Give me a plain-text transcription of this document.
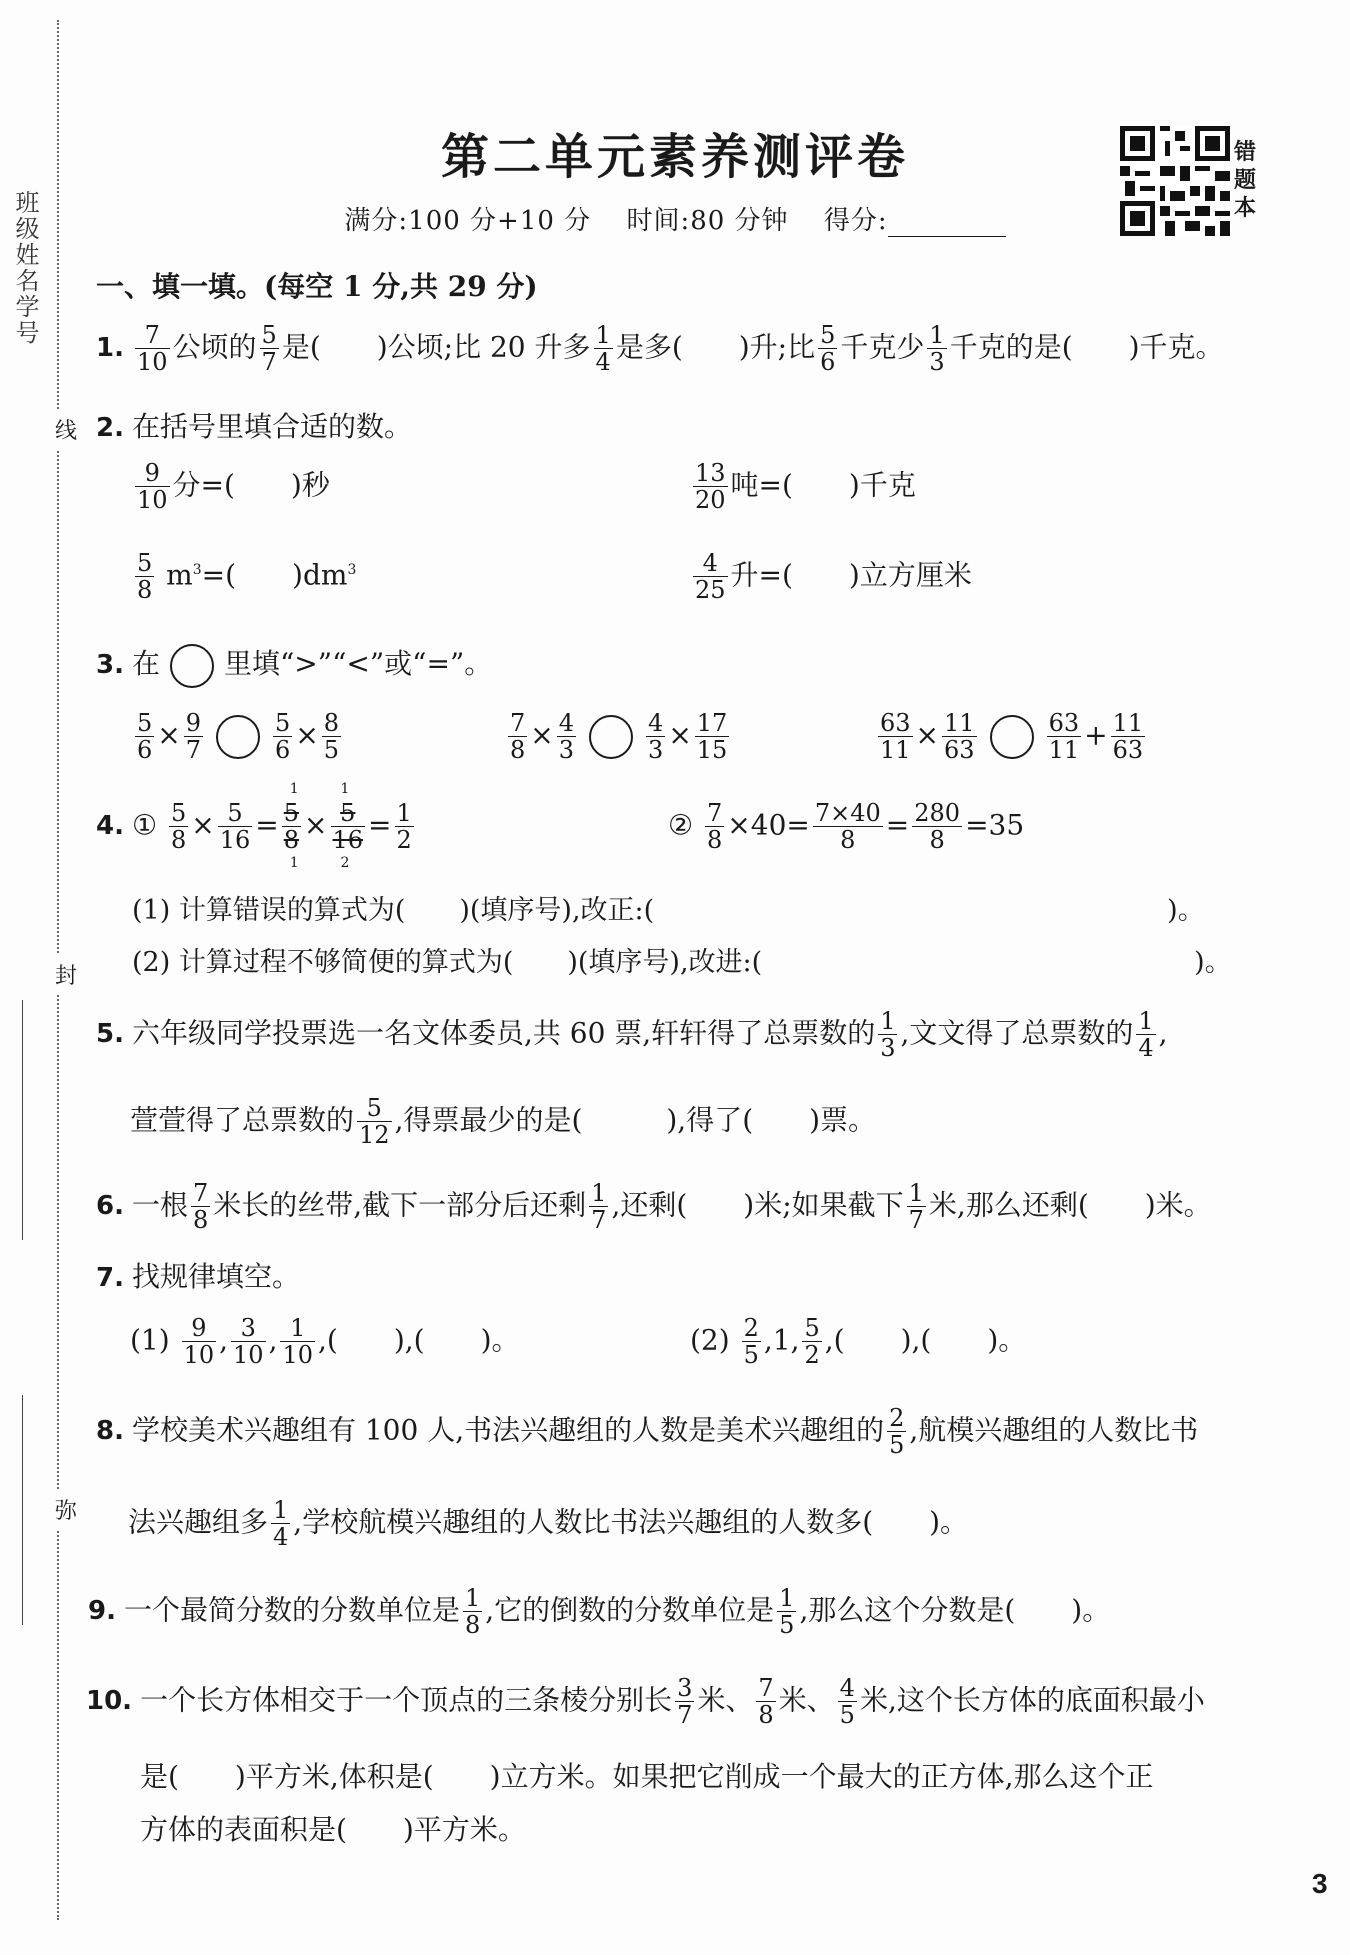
线
封
弥
班级姓名学号
第二单元素养测评卷
满分:100 分+10 分 时间:80 分钟 得分:
错
题
本
一、填一填。(每空 1 分,共 29 分)
1. $\frac{7}{10}$ 公顷的 $\frac{5}{7}$ 是(　　)公顷;比 20 升多 $\frac{1}{4}$ 是多(　　)升;比 $\frac{5}{6}$ 千克少 $\frac{1}{3}$ 千克的是(　　)千克。
2. 在括号里填合适的数。
$\frac{9}{10}$ 分=(　　)秒	$\frac{13}{20}$ 吨=(　　)千克
$\frac{5}{8} m^3=$(　　)$dm^3$	$\frac{4}{25}$ 升=(　　)立方厘米
3. 在 里填“>”“<”或“=”。
$\frac{5}{6} \times \frac{9}{7}$	$\frac{5}{6} \times \frac{8}{5}$	$\frac{7}{8} \times \frac{4}{3}$	$\frac{4}{3} \times \frac{17}{15}$	$\frac{63}{11} \times \frac{11}{63}$	$\frac{63}{11} + \frac{11}{63}$
4. ① $\frac{5}{8} \times \frac{5}{16}$ =
1
5
8
1
×
1
5
16
2
= $\frac{1}{2}$	② $\frac{7}{8} \times 40= \frac{7\times 40}{8} = \frac{280}{8} =35$
(1) 计算错误的算式为(　　)(填序号),改正:(　　　　　　　　　　　　　　　　　　　)。
(2) 计算过程不够简便的算式为(　　)(填序号),改进:(　　　　　　　　　　　　　　　　)。
5. 六年级同学投票选一名文体委员,共 60 票,轩轩得了总票数的 $\frac{1}{3}$ ,文文得了总票数的 $\frac{1}{4}$ ,
萱萱得了总票数的 $\frac{5}{12}$ ,得票最少的是(　　　),得了(　　)票。
6. 一根 $\frac{7}{8}$ 米长的丝带,截下一部分后还剩 $\frac{1}{7}$ ,还剩(　　)米;如果截下 $\frac{1}{7}$ 米,那么还剩(　　)米。
7. 找规律填空。
$(1) \frac{9}{10}$ , $\frac{3}{10}$ , $\frac{1}{10}$ ,(　　),(　　)。	$(2) \frac{2}{5} ,1$, $\frac{5}{2}$ ,(　　),(　　)。
8. 学校美术兴趣组有 100 人,书法兴趣组的人数是美术兴趣组的 $\frac{2}{5}$ ,航模兴趣组的人数比书
法兴趣组多 $\frac{1}{4}$ ,学校航模兴趣组的人数比书法兴趣组的人数多(　　)。
9. 一个最简分数的分数单位是 $\frac{1}{8}$ ,它的倒数的分数单位是 $\frac{1}{5}$ ,那么这个分数是(　　)。
10. 一个长方体相交于一个顶点的三条棱分别长 $\frac{3}{7}$ 米、 $\frac{7}{8}$ 米、 $\frac{4}{5}$ 米,这个长方体的底面积最小
是(　　)平方米,体积是(　　)立方米。如果把它削成一个最大的正方体,那么这个正
方体的表面积是(　　)平方米。
3
